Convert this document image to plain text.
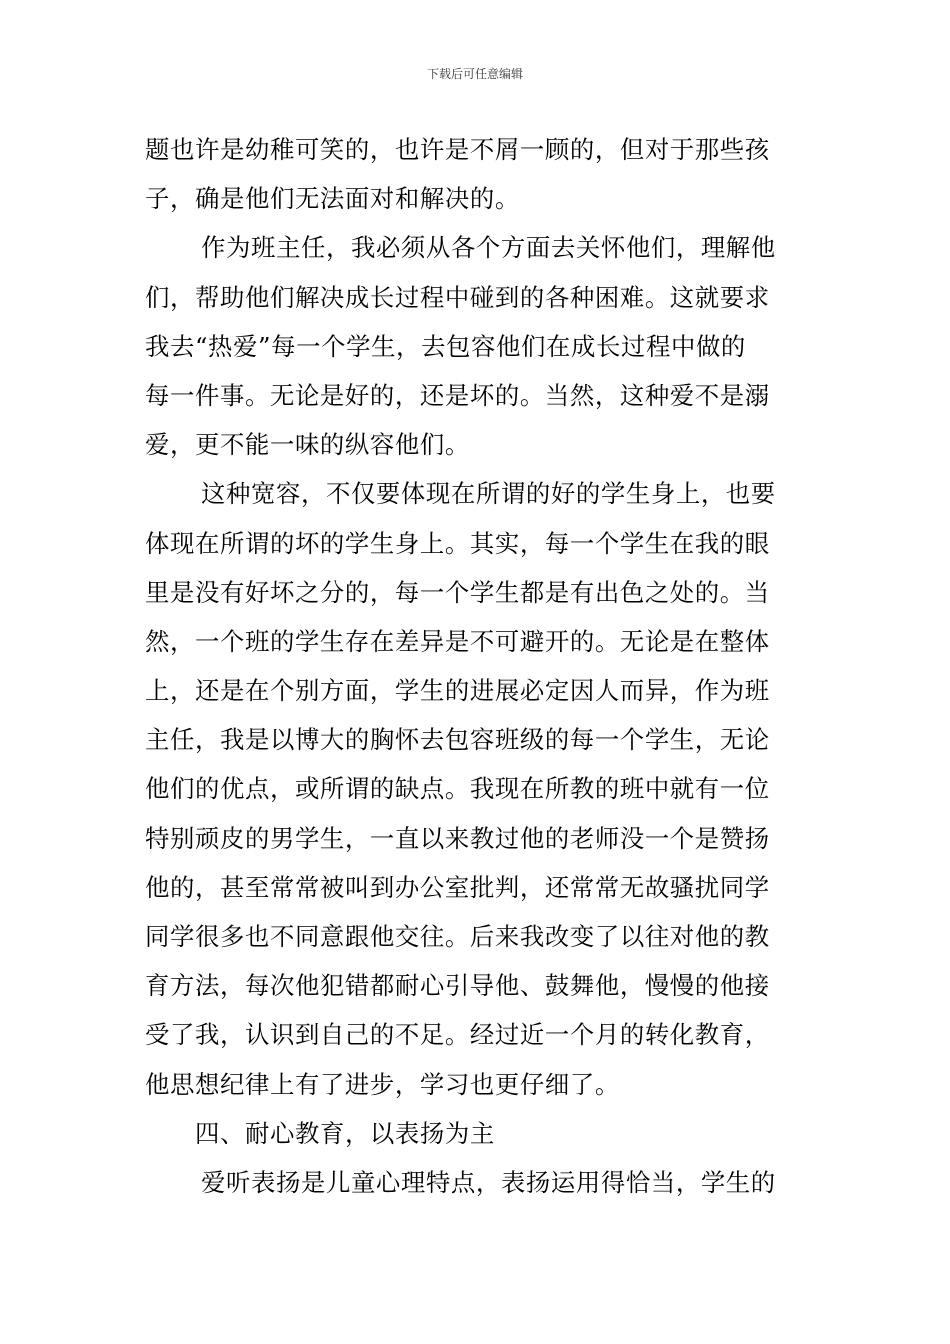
下载后可任意编辑
题也许是幼稚可笑的，也许是不屑一顾的，但对于那些孩
子，确是他们无法面对和解决的。
作为班主任，我必须从各个方面去关怀他们，理解他
们，帮助他们解决成长过程中碰到的各种困难。这就要求
我去“热爱”每一个学生，去包容他们在成长过程中做的
每一件事。无论是好的，还是坏的。当然，这种爱不是溺
爱，更不能一味的纵容他们。
这种宽容，不仅要体现在所谓的好的学生身上，也要
体现在所谓的坏的学生身上。其实，每一个学生在我的眼
里是没有好坏之分的，每一个学生都是有出色之处的。当
然，一个班的学生存在差异是不可避开的。无论是在整体
上，还是在个别方面，学生的进展必定因人而异，作为班
主任，我是以博大的胸怀去包容班级的每一个学生，无论
他们的优点，或所谓的缺点。我现在所教的班中就有一位
特别顽皮的男学生，一直以来教过他的老师没一个是赞扬
他的，甚至常常被叫到办公室批判，还常常无故骚扰同学
同学很多也不同意跟他交往。后来我改变了以往对他的教
育方法，每次他犯错都耐心引导他、鼓舞他，慢慢的他接
受了我，认识到自己的不足。经过近一个月的转化教育，
他思想纪律上有了进步，学习也更仔细了。
四、耐心教育，以表扬为主
爱听表扬是儿童心理特点，表扬运用得恰当，学生的
